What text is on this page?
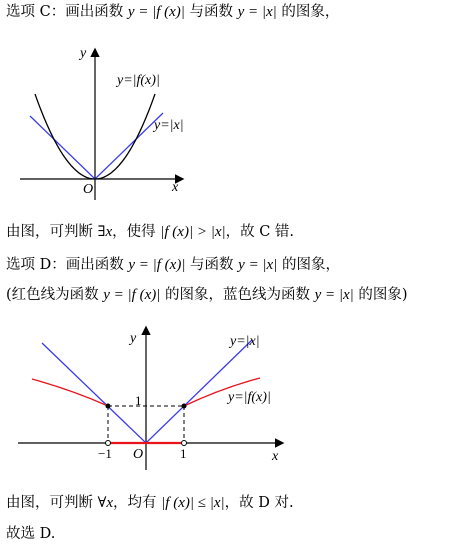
选项 C：画出函数 y = |f (x)| 与函数 y = |x| 的图象，
由图，可判断 ∃x，使得 |f (x)| > |x|，故 C 错.
选项 D：画出函数 y = |f (x)| 与函数 y = |x| 的图象，
(红色线为函数 y = |f (x)| 的图象，蓝色线为函数 y = |x| 的图象)
由图，可判断 ∀x，均有 |f (x)| ≤ |x|，故 D 对.
故选 D.
y
x
O
y=|f(x)|
y=|x|
y
x
O
1
−1	1
y=|x|
y=|f(x)|
